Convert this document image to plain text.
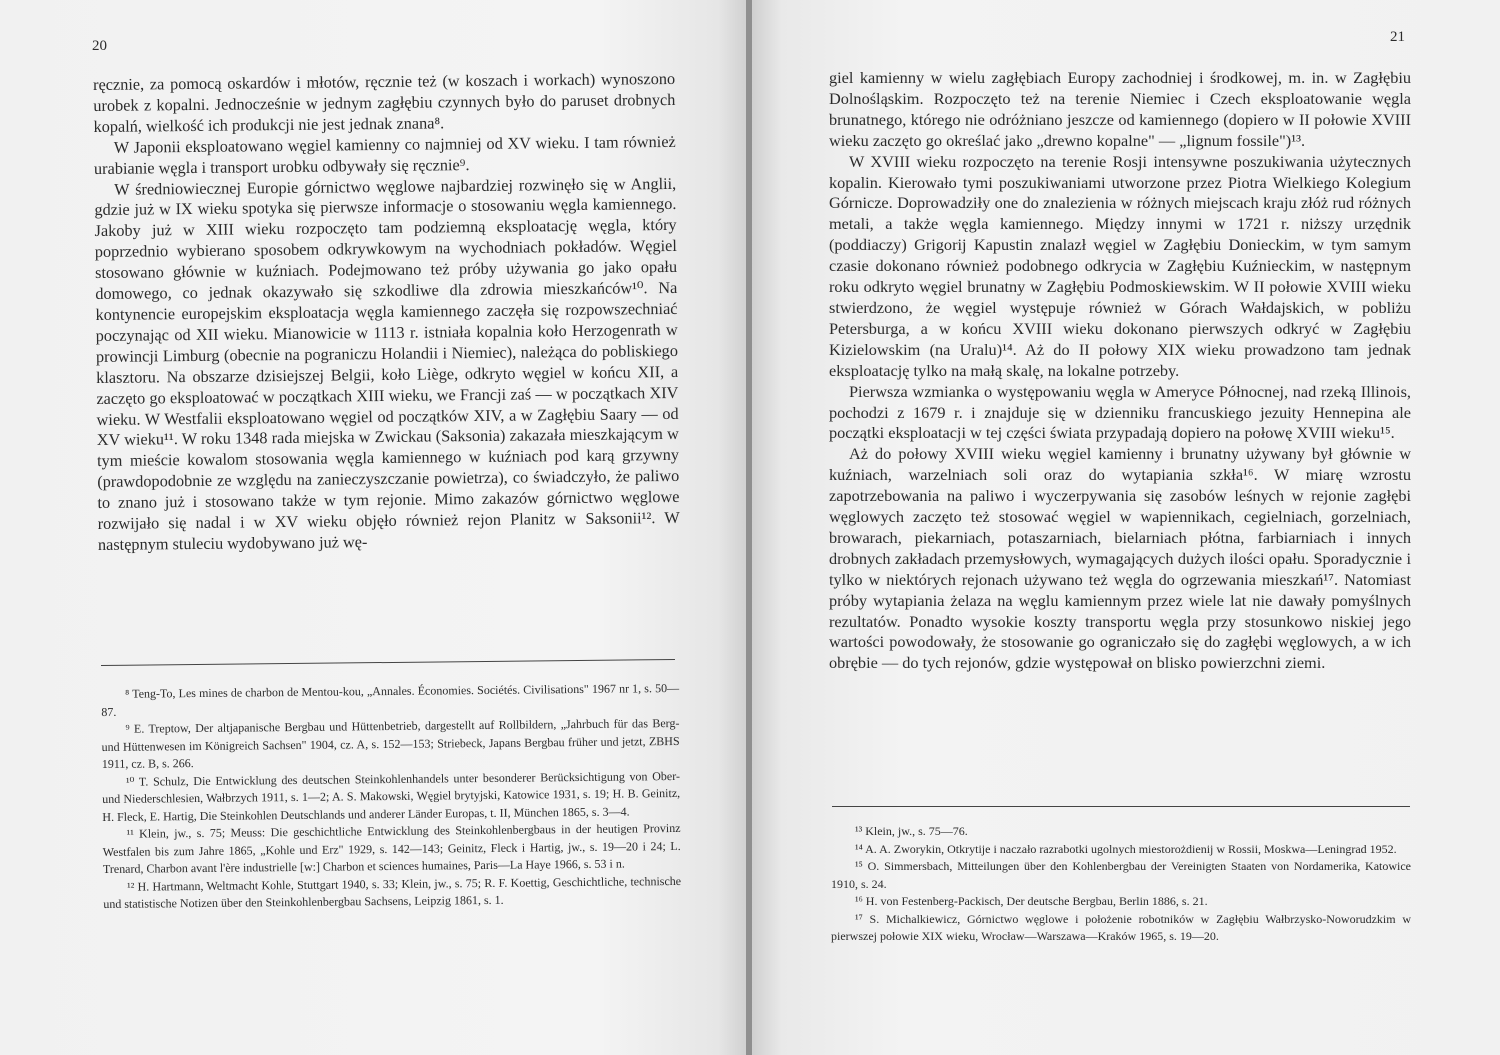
20

ręcznie, za pomocą oskardów i młotów, ręcznie też (w koszach i workach) wynoszono urobek z kopalni. Jednocześnie w jednym zagłębiu czynnych było do paruset drobnych kopalń, wielkość ich produkcji nie jest jednak znana⁸.

W Japonii eksploatowano węgiel kamienny co najmniej od XV wieku. I tam również urabianie węgla i transport urobku odbywały się ręcznie⁹.

W średniowiecznej Europie górnictwo węglowe najbardziej rozwinęło się w Anglii, gdzie już w IX wieku spotyka się pierwsze informacje o stosowaniu węgla kamiennego. Jakoby już w XIII wieku rozpoczęto tam podziemną eksploatację węgla, który poprzednio wybierano sposobem odkrywkowym na wychodniach pokładów. Węgiel stosowano głównie w kuźniach. Podejmowano też próby używania go jako opału domowego, co jednak okazywało się szkodliwe dla zdrowia mieszkańców¹⁰. Na kontynencie europejskim eksploatacja węgla kamiennego zaczęła się rozpowszechniać poczynając od XII wieku. Mianowicie w 1113 r. istniała kopalnia koło Herzogenrath w prowincji Limburg (obecnie na pograniczu Holandii i Niemiec), należąca do pobliskiego klasztoru. Na obszarze dzisiejszej Belgii, koło Liège, odkryto węgiel w końcu XII, a zaczęto go eksploatować w początkach XIII wieku, we Francji zaś — w początkach XIV wieku. W Westfalii eksploatowano węgiel od początków XIV, a w Zagłębiu Saary — od XV wieku¹¹. W roku 1348 rada miejska w Zwickau (Saksonia) zakazała mieszkającym w tym mieście kowalom stosowania węgla kamiennego w kuźniach pod karą grzywny (prawdopodobnie ze względu na zanieczyszczanie powietrza), co świadczyło, że paliwo to znano już i stosowano także w tym rejonie. Mimo zakazów górnictwo węglowe rozwijało się nadal i w XV wieku objęło również rejon Planitz w Saksonii¹². W następnym stuleciu wydobywano już wę-

⁸ Teng-To, Les mines de charbon de Mentou-kou, „Annales. Économies. Sociétés. Civilisations" 1967 nr 1, s. 50—87.

⁹ E. Treptow, Der altjapanische Bergbau und Hüttenbetrieb, dargestellt auf Rollbildern, „Jahrbuch für das Berg- und Hüttenwesen im Königreich Sachsen" 1904, cz. A, s. 152—153; Striebeck, Japans Bergbau früher und jetzt, ZBHS 1911, cz. B, s. 266.

¹⁰ T. Schulz, Die Entwicklung des deutschen Steinkohlenhandels unter besonderer Berücksichtigung von Ober- und Niederschlesien, Wałbrzych 1911, s. 1—2; A. S. Makowski, Węgiel brytyjski, Katowice 1931, s. 19; H. B. Geinitz, H. Fleck, E. Hartig, Die Steinkohlen Deutschlands und anderer Länder Europas, t. II, München 1865, s. 3—4.

¹¹ Klein, jw., s. 75; Meuss: Die geschichtliche Entwicklung des Steinkohlenbergbaus in der heutigen Provinz Westfalen bis zum Jahre 1865, „Kohle und Erz" 1929, s. 142—143; Geinitz, Fleck i Hartig, jw., s. 19—20 i 24; L. Trenard, Charbon avant l'ère industrielle [w:] Charbon et sciences humaines, Paris—La Haye 1966, s. 53 i n.

¹² H. Hartmann, Weltmacht Kohle, Stuttgart 1940, s. 33; Klein, jw., s. 75; R. F. Koettig, Geschichtliche, technische und statistische Notizen über den Steinkohlenbergbau Sachsens, Leipzig 1861, s. 1.

21

giel kamienny w wielu zagłębiach Europy zachodniej i środkowej, m. in. w Zagłębiu Dolnośląskim. Rozpoczęto też na terenie Niemiec i Czech eksploatowanie węgla brunatnego, którego nie odróżniano jeszcze od kamiennego (dopiero w II połowie XVIII wieku zaczęto go określać jako „drewno kopalne" — „lignum fossile")¹³.

W XVIII wieku rozpoczęto na terenie Rosji intensywne poszukiwania użytecznych kopalin. Kierowało tymi poszukiwaniami utworzone przez Piotra Wielkiego Kolegium Górnicze. Doprowadziły one do znalezienia w różnych miejscach kraju złóż rud różnych metali, a także węgla kamiennego. Między innymi w 1721 r. niższy urzędnik (poddiaczy) Grigorij Kapustin znalazł węgiel w Zagłębiu Donieckim, w tym samym czasie dokonano również podobnego odkrycia w Zagłębiu Kuźnieckim, w następnym roku odkryto węgiel brunatny w Zagłębiu Podmoskiewskim. W II połowie XVIII wieku stwierdzono, że węgiel występuje również w Górach Wałdajskich, w pobliżu Petersburga, a w końcu XVIII wieku dokonano pierwszych odkryć w Zagłębiu Kizielowskim (na Uralu)¹⁴. Aż do II połowy XIX wieku prowadzono tam jednak eksploatację tylko na małą skalę, na lokalne potrzeby.

Pierwsza wzmianka o występowaniu węgla w Ameryce Północnej, nad rzeką Illinois, pochodzi z 1679 r. i znajduje się w dzienniku francuskiego jezuity Hennepina ale początki eksploatacji w tej części świata przypadają dopiero na połowę XVIII wieku¹⁵.

Aż do połowy XVIII wieku węgiel kamienny i brunatny używany był głównie w kuźniach, warzelniach soli oraz do wytapiania szkła¹⁶. W miarę wzrostu zapotrzebowania na paliwo i wyczerpywania się zasobów leśnych w rejonie zagłębi węglowych zaczęto też stosować węgiel w wapiennikach, cegielniach, gorzelniach, browarach, piekarniach, potaszarniach, bielarniach płótna, farbiarniach i innych drobnych zakładach przemysłowych, wymagających dużych ilości opału. Sporadycznie i tylko w niektórych rejonach używano też węgla do ogrzewania mieszkań¹⁷. Natomiast próby wytapiania żelaza na węglu kamiennym przez wiele lat nie dawały pomyślnych rezultatów. Ponadto wysokie koszty transportu węgla przy stosunkowo niskiej jego wartości powodowały, że stosowanie go ograniczało się do zagłębi węglowych, a w ich obrębie — do tych rejonów, gdzie występował on blisko powierzchni ziemi.

¹³ Klein, jw., s. 75—76.

¹⁴ A. A. Zworykin, Otkrytije i naczało razrabotki ugolnych miestorożdienij w Rossii, Moskwa—Leningrad 1952.

¹⁵ O. Simmersbach, Mitteilungen über den Kohlenbergbau der Vereinigten Staaten von Nordamerika, Katowice 1910, s. 24.

¹⁶ H. von Festenberg-Packisch, Der deutsche Bergbau, Berlin 1886, s. 21.

¹⁷ S. Michalkiewicz, Górnictwo węglowe i położenie robotników w Zagłębiu Wałbrzysko-Noworudzkim w pierwszej połowie XIX wieku, Wrocław—Warszawa—Kraków 1965, s. 19—20.
